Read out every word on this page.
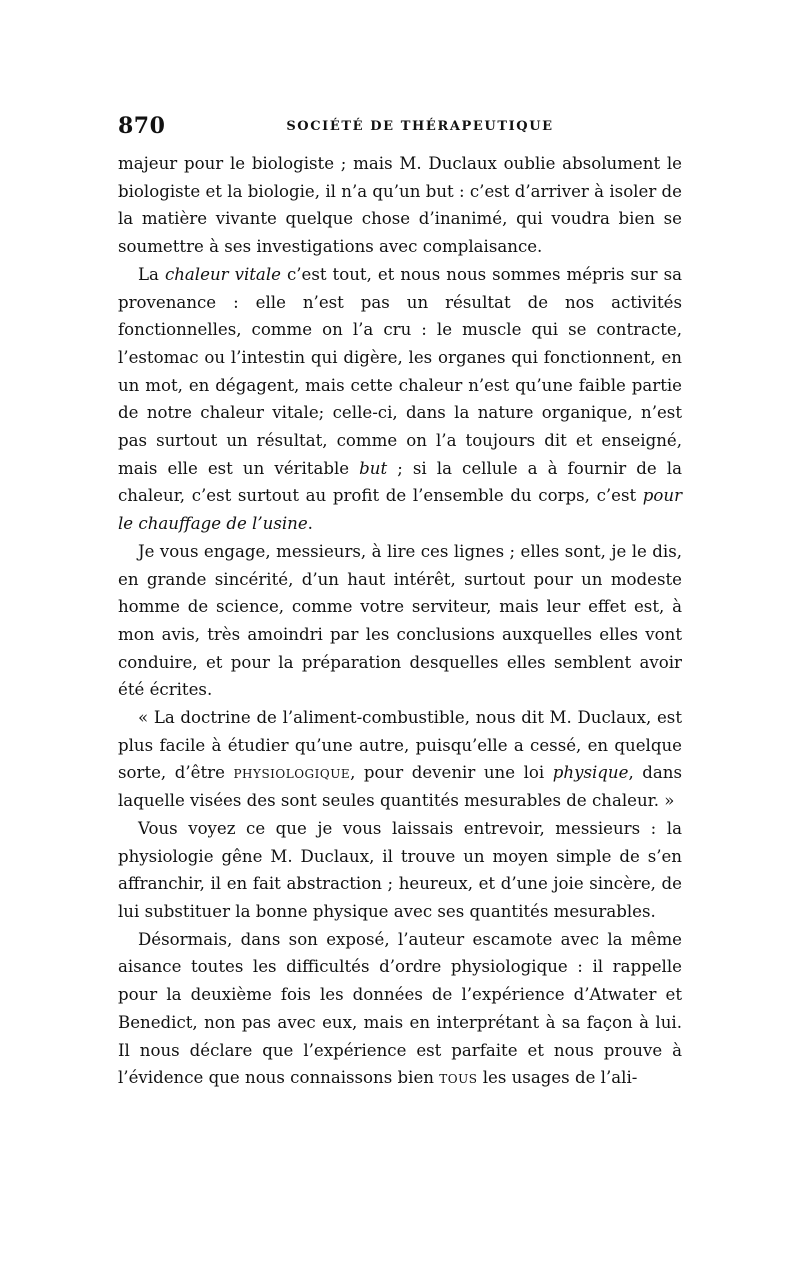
870	SOCIÉTÉ DE THÉRAPEUTIQUE

majeur pour le biologiste ; mais M. Duclaux oublie absolument le biologiste et la biologie, il n’a qu’un but : c’est d’arriver à isoler de la matière vivante quelque chose d’inanimé, qui voudra bien se soumettre à ses investigations avec complaisance.

La chaleur vitale c’est tout, et nous nous sommes mépris sur sa provenance : elle n’est pas un résultat de nos activités fonctionnelles, comme on l’a cru : le muscle qui se contracte, l’estomac ou l’intestin qui digère, les organes qui fonctionnent, en un mot, en dégagent, mais cette chaleur n’est qu’une faible partie de notre chaleur vitale; celle-ci, dans la nature organique, n’est pas surtout un résultat, comme on l’a toujours dit et enseigné, mais elle est un véritable but ; si la cellule a à fournir de la chaleur, c’est surtout au profit de l’ensemble du corps, c’est pour le chauffage de l’usine.

Je vous engage, messieurs, à lire ces lignes ; elles sont, je le dis, en grande sincérité, d’un haut intérêt, surtout pour un modeste homme de science, comme votre serviteur, mais leur effet est, à mon avis, très amoindri par les conclusions auxquelles elles vont conduire, et pour la préparation desquelles elles semblent avoir été écrites.

« La doctrine de l’aliment-combustible, nous dit M. Duclaux, est plus facile à étudier qu’une autre, puisqu’elle a cessé, en quelque sorte, d’être physiologique, pour devenir une loi physique, dans laquelle visées des sont seules quantités mesurables de chaleur. »

Vous voyez ce que je vous laissais entrevoir, messieurs : la physiologie gêne M. Duclaux, il trouve un moyen simple de s’en affranchir, il en fait abstraction ; heureux, et d’une joie sincère, de lui substituer la bonne physique avec ses quantités mesurables.

Désormais, dans son exposé, l’auteur escamote avec la même aisance toutes les difficultés d’ordre physiologique : il rappelle pour la deuxième fois les données de l’expérience d’Atwater et Benedict, non pas avec eux, mais en interprétant à sa façon à lui. Il nous déclare que l’expérience est parfaite et nous prouve à l’évidence que nous connaissons bien tous les usages de l’ali-
